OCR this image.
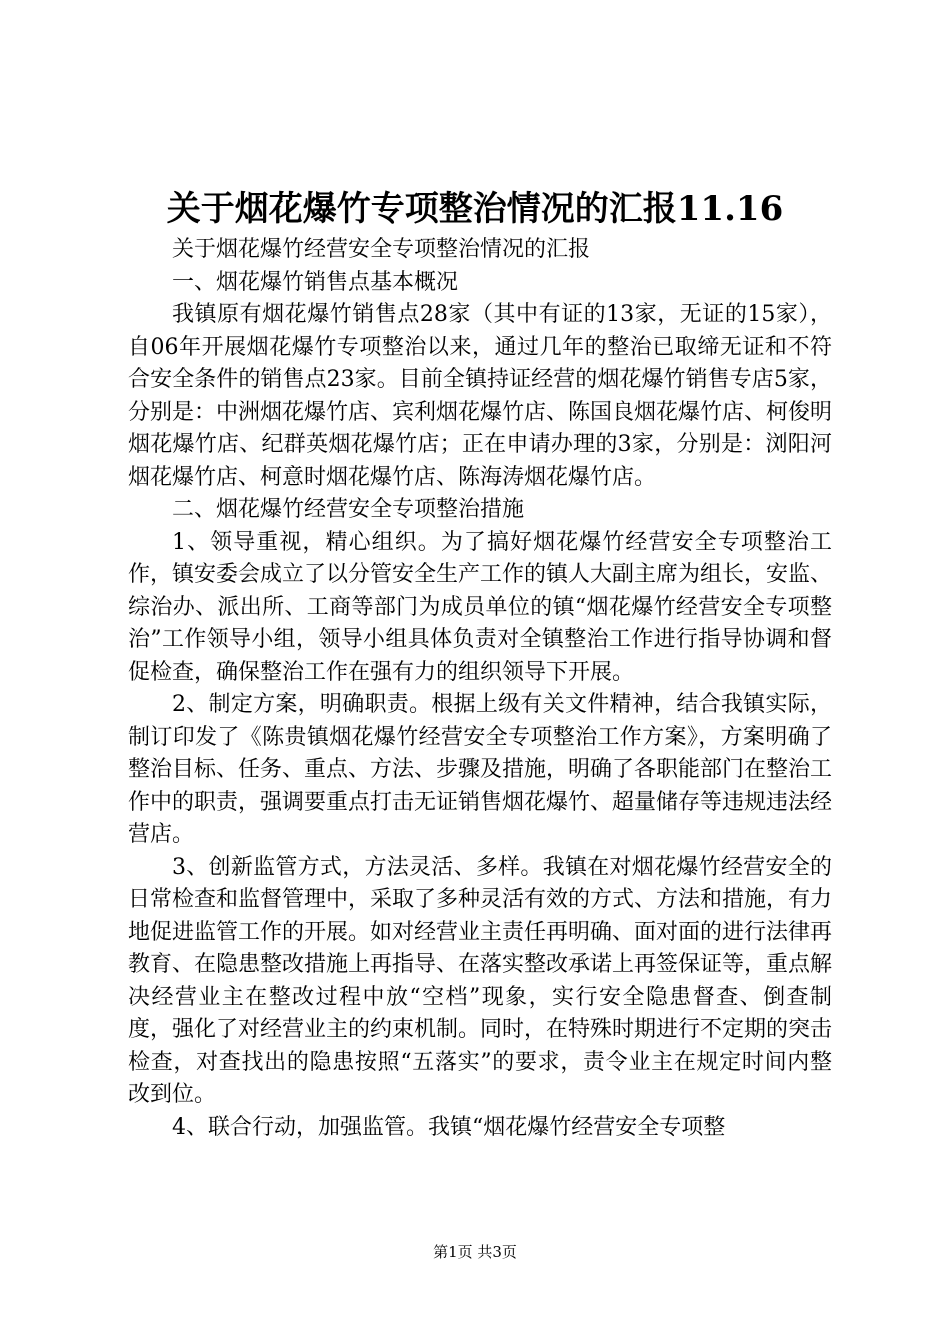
关于烟花爆竹专项整治情况的汇报11.16

关于烟花爆竹经营安全专项整治情况的汇报

一、烟花爆竹销售点基本概况

我镇原有烟花爆竹销售点28家（其中有证的13家，无证的15家），自06年开展烟花爆竹专项整治以来，通过几年的整治已取缔无证和不符合安全条件的销售点23家。目前全镇持证经营的烟花爆竹销售专店5家，分别是：中洲烟花爆竹店、宾利烟花爆竹店、陈国良烟花爆竹店、柯俊明烟花爆竹店、纪群英烟花爆竹店；正在申请办理的3家，分别是：浏阳河烟花爆竹店、柯意时烟花爆竹店、陈海涛烟花爆竹店。

二、烟花爆竹经营安全专项整治措施

1、领导重视，精心组织。为了搞好烟花爆竹经营安全专项整治工作，镇安委会成立了以分管安全生产工作的镇人大副主席为组长，安监、综治办、派出所、工商等部门为成员单位的镇“烟花爆竹经营安全专项整治”工作领导小组，领导小组具体负责对全镇整治工作进行指导协调和督促检查，确保整治工作在强有力的组织领导下开展。

2、制定方案，明确职责。根据上级有关文件精神，结合我镇实际，制订印发了《陈贵镇烟花爆竹经营安全专项整治工作方案》，方案明确了整治目标、任务、重点、方法、步骤及措施，明确了各职能部门在整治工作中的职责，强调要重点打击无证销售烟花爆竹、超量储存等违规违法经营店。

3、创新监管方式，方法灵活、多样。我镇在对烟花爆竹经营安全的日常检查和监督管理中，采取了多种灵活有效的方式、方法和措施，有力地促进监管工作的开展。如对经营业主责任再明确、面对面的进行法律再教育、在隐患整改措施上再指导、在落实整改承诺上再签保证等，重点解决经营业主在整改过程中放“空档”现象，实行安全隐患督查、倒查制度，强化了对经营业主的约束机制。同时，在特殊时期进行不定期的突击检查，对查找出的隐患按照“五落实”的要求，责令业主在规定时间内整改到位。

4、联合行动，加强监管。我镇“烟花爆竹经营安全专项整

第1页 共3页
